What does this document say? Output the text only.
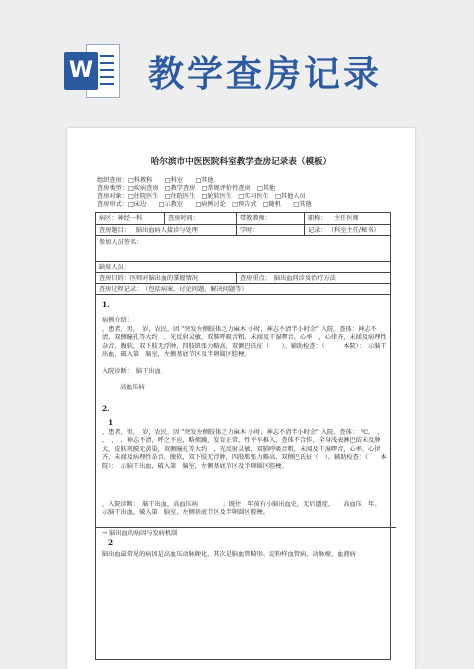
W 教学查房记录
哈尔滨市中医医院科室教学查房记录表（模板）
组织查房：□科教科　　□科室　　□其他
查房类型：□疾病查房　□教学查房　□常规评价性查房　□其他
查房对象：□住院医生　□住院医生　□轮转医生　□实习医生　□其他人员
查房形式：□床边　　□示教室　　□病例讨论　□预告式　□随机　　□其他
病区：神经一科	查房时间：	带教教师：	职称： 主任医师
查房题目： 脑出血病人接诊与处理	学时：	记录： （科室主任/秘书）
参加人员签名：
缺席人员：
查房目的：医师对脑出血的掌握情况	查房重点： 脑出血问诊及治疗方法
查房过程记录：　（包括病案、讨论问题、解决问题等）
1.
病例介绍：
，患者，男，　岁，农民，因 "突发左侧肢体乏力麻木 小时，神志不清半小时余" 入院。查体：神志不清，双侧瞳孔等大约　，光反射灵敏，双肺呼吸音粗，未闻及干湿啰音。心率　，心律齐，未闻及病理性杂音，腹软，双下肢无浮肿，四肢肌张力略高，双侧巴氏征（　　）。辅助检查：（　　　本院）：　示脑干出血，破入第　脑室，左侧基底节区及半卵圆区腔梗。
入院诊断：　脑干出血
高血压病
2.
1
，患者，男，　岁，农民，因 "突发左侧肢体乏力麻木 小时，神志不清半小时余" 入院。查体：　℃，　，　，　，　，神志不清，呼之不应，略烦躁，发育正常，性平车推入，查体不合作，全身浅表淋巴结未及肿大，皮肤巩膜无黄染，双侧瞳孔等大约　，光反射灵敏，双肺呼吸音粗，未闻及干湿啰音，心率，心律齐，未闻及病理性杂音，腹软，双下肢无浮肿，四肢肌张力略高，双侧巴氏征（　）。辅助检查：（　　本院）：　示脑干出血，破入第　脑室，左侧基底节区及半卵圆区腔梗。
，入院诊断：　脑干出血，高血压病　　　　；既往　年前有小脑出血史，无后遗症，　　高血压　年。　　示脑干出血，破入第　脑室，左侧基底节区及半卵圆区腔梗。
→ 脑出血的病因与发病机制
2
脑出血最常见的病因是高血压动脉硬化，其次是脑血管畸形、淀粉样血管病、动脉瘤、血液病
